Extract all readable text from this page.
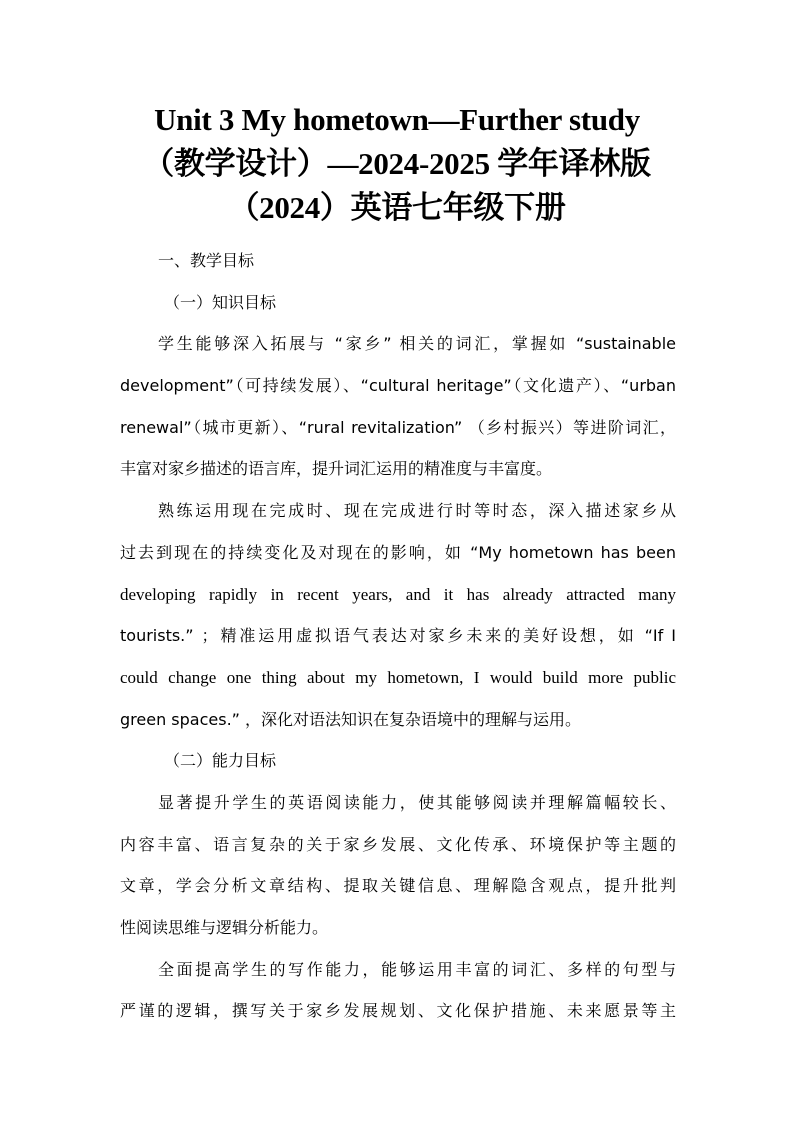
Unit 3 My hometown—Further study
（教学设计）—2024-2025 学年译林版
（2024）英语七年级下册
一、教学目标
（一）知识目标
学生能够深入拓展与 “家乡” 相关的词汇，掌握如 “sustainable
development”（可持续发展）、“cultural heritage”（文化遗产）、“urban
renewal”（城市更新）、“rural revitalization” （乡村振兴）等进阶词汇，
丰富对家乡描述的语言库，提升词汇运用的精准度与丰富度。
熟练运用现在完成时、现在完成进行时等时态，深入描述家乡从
过去到现在的持续变化及对现在的影响，如 “My hometown has been
developing rapidly in recent years, and it has already attracted many
tourists.” ；精准运用虚拟语气表达对家乡未来的美好设想，如 “If I
could change one thing about my hometown, I would build more public
green spaces.” ，深化对语法知识在复杂语境中的理解与运用。
（二）能力目标
显著提升学生的英语阅读能力，使其能够阅读并理解篇幅较长、
内容丰富、语言复杂的关于家乡发展、文化传承、环境保护等主题的
文章，学会分析文章结构、提取关键信息、理解隐含观点，提升批判
性阅读思维与逻辑分析能力。
全面提高学生的写作能力，能够运用丰富的词汇、多样的句型与
严谨的逻辑，撰写关于家乡发展规划、文化保护措施、未来愿景等主
